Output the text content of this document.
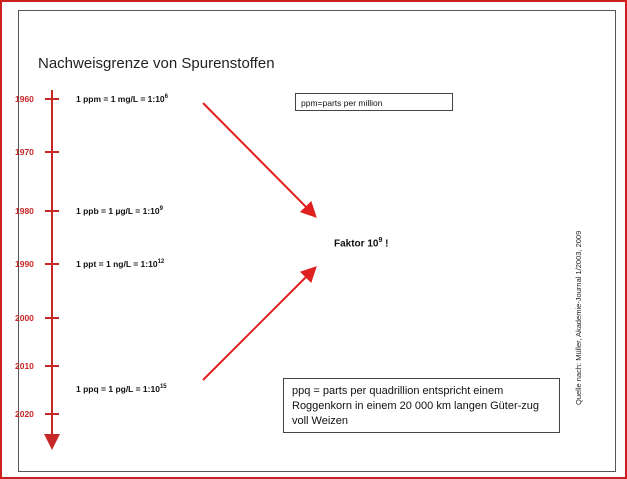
Nachweisgrenze von Spurenstoffen
1960
1970
1980
1990
2000
2010
2020
1 ppm = 1 $mg/L = 1:10^6$
1 ppb = 1 $\mu g/L = 1:10^9$
1 ppt = 1 $ng/L = 1:10^{12}$
1 ppq = 1 $pg/L = 1:10^{15}$
ppm=parts per million
Faktor $10^9$ !
ppq = parts per quadrillion entspricht einem Roggenkorn in einem 20 000 km langen Güter-zug voll Weizen
Quelle nach: Müller, Akademie-Journal 1/2003, 2009
